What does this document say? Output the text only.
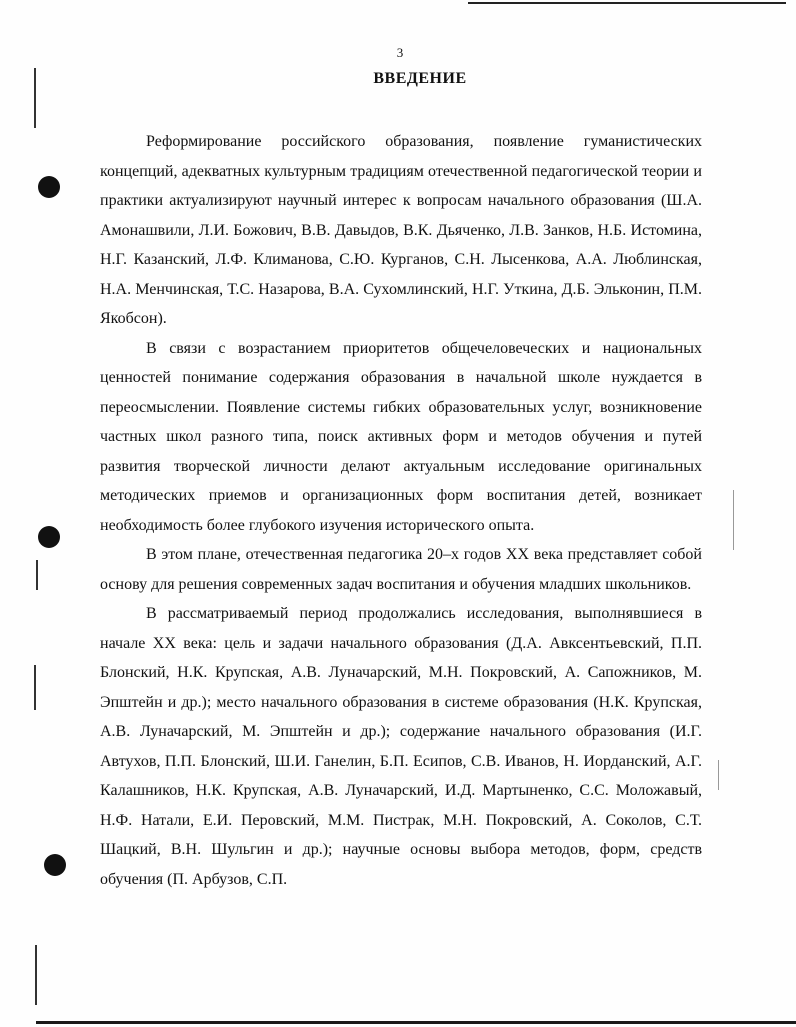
3
ВВЕДЕНИЕ

Реформирование российского образования, появление гуманистических концепций, адекватных культурным традициям отечественной педагогической теории и практики актуализируют научный интерес к вопросам начального образования (Ш.А. Амонашвили, Л.И. Божович, В.В. Давыдов, В.К. Дьяченко, Л.В. Занков, Н.Б. Истомина, Н.Г. Казанский, Л.Ф. Климанова, С.Ю. Курганов, С.Н. Лысенкова, А.А. Люблинская, Н.А. Менчинская, Т.С. Назарова, В.А. Сухомлинский, Н.Г. Уткина, Д.Б. Эльконин, П.М. Якобсон).

В связи с возрастанием приоритетов общечеловеческих и национальных ценностей понимание содержания образования в начальной школе нуждается в переосмыслении. Появление системы гибких образовательных услуг, возникновение частных школ разного типа, поиск активных форм и методов обучения и путей развития творческой личности делают актуальным исследование оригинальных методических приемов и организационных форм воспитания детей, возникает необходимость более глубокого изучения исторического опыта.

В этом плане, отечественная педагогика 20–х годов XX века представляет собой основу для решения современных задач воспитания и обучения младших школьников.

В рассматриваемый период продолжались исследования, выполнявшиеся в начале XX века: цель и задачи начального образования (Д.А. Авксентьевский, П.П. Блонский, Н.К. Крупская, А.В. Луначарский, М.Н. Покровский, А. Сапожников, М. Эпштейн и др.); место начального образования в системе образования (Н.К. Крупская, А.В. Луначарский, М. Эпштейн и др.); содержание начального образования (И.Г. Автухов, П.П. Блонский, Ш.И. Ганелин, Б.П. Есипов, С.В. Иванов, Н. Иорданский, А.Г. Калашников, Н.К. Крупская, А.В. Луначарский, И.Д. Мартыненко, С.С. Моложавый, Н.Ф. Натали, Е.И. Перовский, М.М. Пистрак, М.Н. Покровский, А. Соколов, С.Т. Шацкий, В.Н. Шульгин и др.); научные основы выбора методов, форм, средств обучения (П. Арбузов, С.П.
